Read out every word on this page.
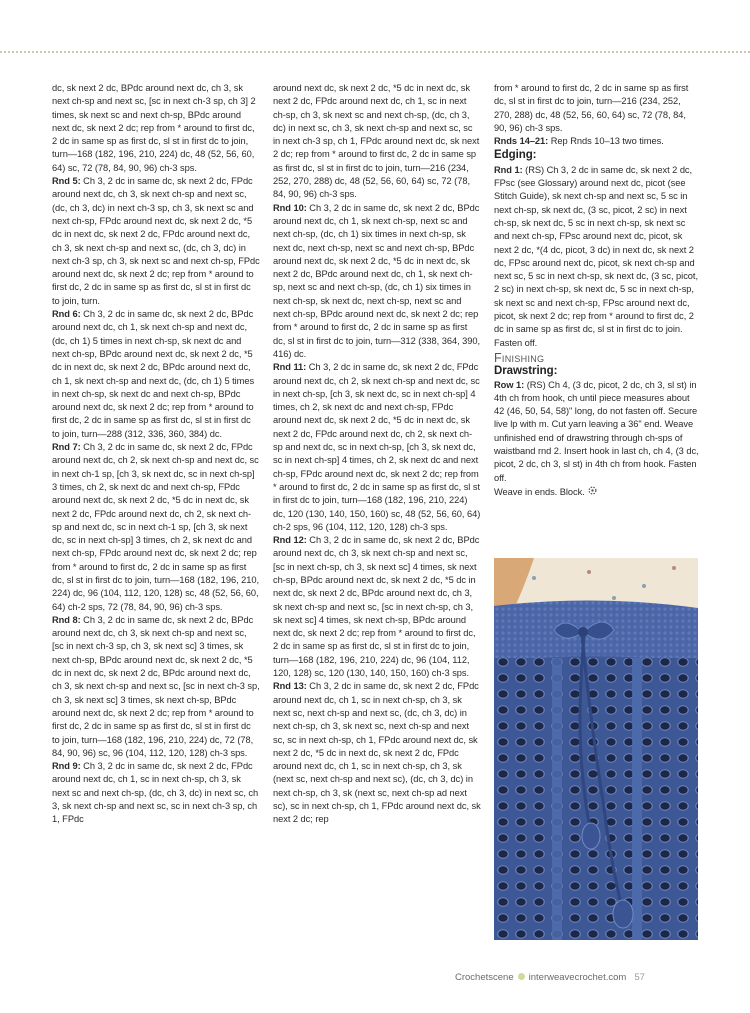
dc, sk next 2 dc, BPdc around next dc, ch 3, sk next ch-sp and next sc, [sc in next ch-3 sp, ch 3] 2 times, sk next sc and next ch-sp, BPdc around next dc, sk next 2 dc; rep from * around to first dc, 2 dc in same sp as first dc, sl st in first dc to join, turn—168 (182, 196, 210, 224) dc, 48 (52, 56, 60, 64) sc, 72 (78, 84, 90, 96) ch-3 sps.

Rnd 5: Ch 3, 2 dc in same dc, sk next 2 dc, FPdc around next dc, ch 3, sk next ch-sp and next sc, (dc, ch 3, dc) in next ch-3 sp, ch 3, sk next sc and next ch-sp, FPdc around next dc, sk next 2 dc, *5 dc in next dc, sk next 2 dc, FPdc around next dc, ch 3, sk next ch-sp and next sc, (dc, ch 3, dc) in next ch-3 sp, ch 3, sk next sc and next ch-sp, FPdc around next dc, sk next 2 dc; rep from * around to first dc, 2 dc in same sp as first dc, sl st in first dc to join, turn.

Rnd 6: Ch 3, 2 dc in same dc, sk next 2 dc, BPdc around next dc, ch 1, sk next ch-sp and next dc, (dc, ch 1) 5 times in next ch-sp, sk next dc and next ch-sp, BPdc around next dc, sk next 2 dc, *5 dc in next dc, sk next 2 dc, BPdc around next dc, ch 1, sk next ch-sp and next dc, (dc, ch 1) 5 times in next ch-sp, sk next dc and next ch-sp, BPdc around next dc, sk next 2 dc; rep from * around to first dc, 2 dc in same sp as first dc, sl st in first dc to join, turn—288 (312, 336, 360, 384) dc.

Rnd 7: Ch 3, 2 dc in same dc, sk next 2 dc, FPdc around next dc, ch 2, sk next ch-sp and next dc, sc in next ch-1 sp, [ch 3, sk next dc, sc in next ch-sp] 3 times, ch 2, sk next dc and next ch-sp, FPdc around next dc, sk next 2 dc, *5 dc in next dc, sk next 2 dc, FPdc around next dc, ch 2, sk next ch-sp and next dc, sc in next ch-1 sp, [ch 3, sk next dc, sc in next ch-sp] 3 times, ch 2, sk next dc and next ch-sp, FPdc around next dc, sk next 2 dc; rep from * around to first dc, 2 dc in same sp as first dc, sl st in first dc to join, turn—168 (182, 196, 210, 224) dc, 96 (104, 112, 120, 128) sc, 48 (52, 56, 60, 64) ch-2 sps, 72 (78, 84, 90, 96) ch-3 sps.

Rnd 8: Ch 3, 2 dc in same dc, sk next 2 dc, BPdc around next dc, ch 3, sk next ch-sp and next sc, [sc in next ch-3 sp, ch 3, sk next sc] 3 times, sk next ch-sp, BPdc around next dc, sk next 2 dc, *5 dc in next dc, sk next 2 dc, BPdc around next dc, ch 3, sk next ch-sp and next sc, [sc in next ch-3 sp, ch 3, sk next sc] 3 times, sk next ch-sp, BPdc around next dc, sk next 2 dc; rep from * around to first dc, 2 dc in same sp as first dc, sl st in first dc to join, turn—168 (182, 196, 210, 224) dc, 72 (78, 84, 90, 96) sc, 96 (104, 112, 120, 128) ch-3 sps.

Rnd 9: Ch 3, 2 dc in same dc, sk next 2 dc, FPdc around next dc, ch 1, sc in next ch-sp, ch 3, sk next sc and next ch-sp, (dc, ch 3, dc) in next sc, ch 3, sk next ch-sp and next sc, sc in next ch-3 sp, ch 1, FPdc

around next dc, sk next 2 dc, *5 dc in next dc, sk next 2 dc, FPdc around next dc, ch 1, sc in next ch-sp, ch 3, sk next sc and next ch-sp, (dc, ch 3, dc) in next sc, ch 3, sk next ch-sp and next sc, sc in next ch-3 sp, ch 1, FPdc around next dc, sk next 2 dc; rep from * around to first dc, 2 dc in same sp as first dc, sl st in first dc to join, turn—216 (234, 252, 270, 288) dc, 48 (52, 56, 60, 64) sc, 72 (78, 84, 90, 96) ch-3 sps.

Rnd 10: Ch 3, 2 dc in same dc, sk next 2 dc, BPdc around next dc, ch 1, sk next ch-sp, next sc and next ch-sp, (dc, ch 1) six times in next ch-sp, sk next dc, next ch-sp, next sc and next ch-sp, BPdc around next dc, sk next 2 dc, *5 dc in next dc, sk next 2 dc, BPdc around next dc, ch 1, sk next ch-sp, next sc and next ch-sp, (dc, ch 1) six times in next ch-sp, sk next dc, next ch-sp, next sc and next ch-sp, BPdc around next dc, sk next 2 dc; rep from * around to first dc, 2 dc in same sp as first dc, sl st in first dc to join, turn—312 (338, 364, 390, 416) dc.

Rnd 11: Ch 3, 2 dc in same dc, sk next 2 dc, FPdc around next dc, ch 2, sk next ch-sp and next dc, sc in next ch-sp, [ch 3, sk next dc, sc in next ch-sp] 4 times, ch 2, sk next dc and next ch-sp, FPdc around next dc, sk next 2 dc, *5 dc in next dc, sk next 2 dc, FPdc around next dc, ch 2, sk next ch-sp and next dc, sc in next ch-sp, [ch 3, sk next dc, sc in next ch-sp] 4 times, ch 2, sk next dc and next ch-sp, FPdc around next dc, sk next 2 dc; rep from * around to first dc, 2 dc in same sp as first dc, sl st in first dc to join, turn—168 (182, 196, 210, 224) dc, 120 (130, 140, 150, 160) sc, 48 (52, 56, 60, 64) ch-2 sps, 96 (104, 112, 120, 128) ch-3 sps.

Rnd 12: Ch 3, 2 dc in same dc, sk next 2 dc, BPdc around next dc, ch 3, sk next ch-sp and next sc, [sc in next ch-sp, ch 3, sk next sc] 4 times, sk next ch-sp, BPdc around next dc, sk next 2 dc, *5 dc in next dc, sk next 2 dc, BPdc around next dc, ch 3, sk next ch-sp and next sc, [sc in next ch-sp, ch 3, sk next sc] 4 times, sk next ch-sp, BPdc around next dc, sk next 2 dc; rep from * around to first dc, 2 dc in same sp as first dc, sl st in first dc to join, turn—168 (182, 196, 210, 224) dc, 96 (104, 112, 120, 128) sc, 120 (130, 140, 150, 160) ch-3 sps.

Rnd 13: Ch 3, 2 dc in same dc, sk next 2 dc, FPdc around next dc, ch 1, sc in next ch-sp, ch 3, sk next sc, next ch-sp and next sc, (dc, ch 3, dc) in next ch-sp, ch 3, sk next sc, next ch-sp and next sc, sc in next ch-sp, ch 1, FPdc around next dc, sk next 2 dc, *5 dc in next dc, sk next 2 dc, FPdc around next dc, ch 1, sc in next ch-sp, ch 3, sk (next sc, next ch-sp and next sc), (dc, ch 3, dc) in next ch-sp, ch 3, sk (next sc, next ch-sp ad next sc), sc in next ch-sp, ch 1, FPdc around next dc, sk next 2 dc; rep

from * around to first dc, 2 dc in same sp as first dc, sl st in first dc to join, turn—216 (234, 252, 270, 288) dc, 48 (52, 56, 60, 64) sc, 72 (78, 84, 90, 96) ch-3 sps.

Rnds 14–21: Rep Rnds 10–13 two times.

Edging:

Rnd 1: (RS) Ch 3, 2 dc in same dc, sk next 2 dc, FPsc (see Glossary) around next dc, picot (see Stitch Guide), sk next ch-sp and next sc, 5 sc in next ch-sp, sk next dc, (3 sc, picot, 2 sc) in next ch-sp, sk next dc, 5 sc in next ch-sp, sk next sc and next ch-sp, FPsc around next dc, picot, sk next 2 dc, *(4 dc, picot, 3 dc) in next dc, sk next 2 dc, FPsc around next dc, picot, sk next ch-sp and next sc, 5 sc in next ch-sp, sk next dc, (3 sc, picot, 2 sc) in next ch-sp, sk next dc, 5 sc in next ch-sp, sk next sc and next ch-sp, FPsc around next dc, picot, sk next 2 dc; rep from * around to first dc, 2 dc in same sp as first dc, sl st in first dc to join. Fasten off.

Finishing
Drawstring:

Row 1: (RS) Ch 4, (3 dc, picot, 2 dc, ch 3, sl st) in 4th ch from hook, ch until piece measures about 42 (46, 50, 54, 58)" long, do not fasten off. Secure live lp with m. Cut yarn leaving a 36" end. Weave unfinished end of drawstring through ch-sps of waistband rnd 2. Insert hook in last ch, ch 4, (3 dc, picot, 2 dc, ch 3, sl st) in 4th ch from hook. Fasten off.

Weave in ends. Block.

Crochetscene interweavecrochet.com 57
